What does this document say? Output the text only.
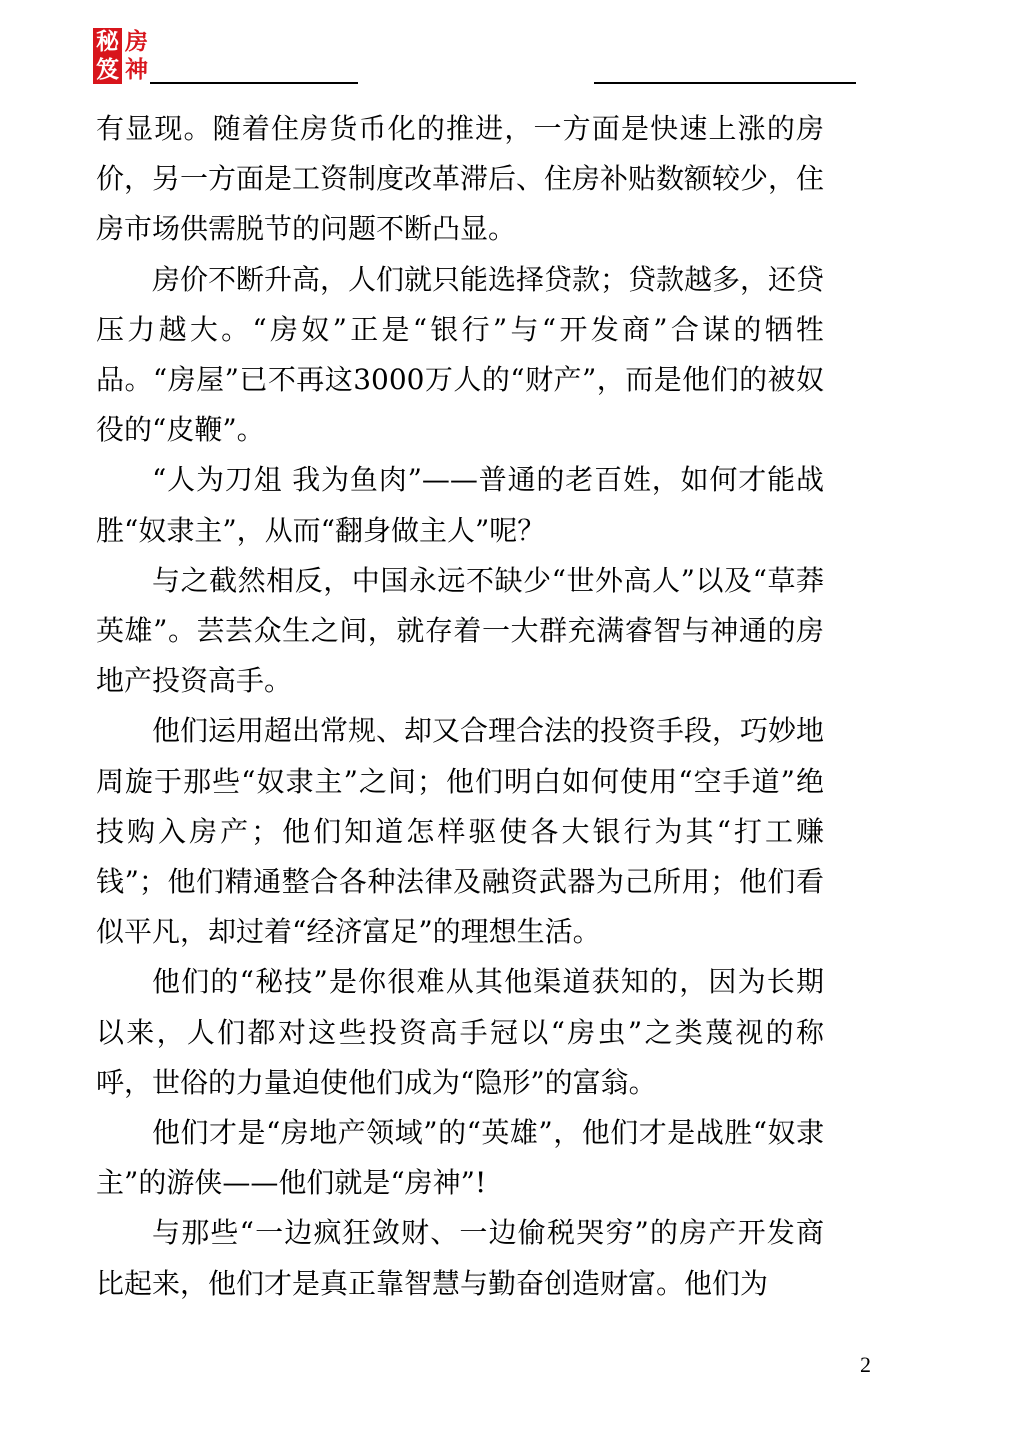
秘 房
笈 神

有显现。随着住房货币化的推进，一方面是快速上涨的房价，另一方面是工资制度改革滞后、住房补贴数额较少，住房市场供需脱节的问题不断凸显。

房价不断升高，人们就只能选择贷款；贷款越多，还贷压力越大。“房奴”正是“银行”与“开发商”合谋的牺牲品。“房屋”已不再这3000万人的“财产”，而是他们的被奴役的“皮鞭”。

“人为刀俎 我为鱼肉”——普通的老百姓，如何才能战胜“奴隶主”，从而“翻身做主人”呢？

与之截然相反，中国永远不缺少“世外高人”以及“草莽英雄”。芸芸众生之间，就存着一大群充满睿智与神通的房地产投资高手。

他们运用超出常规、却又合理合法的投资手段，巧妙地周旋于那些“奴隶主”之间；他们明白如何使用“空手道”绝技购入房产；他们知道怎样驱使各大银行为其“打工赚钱”；他们精通整合各种法律及融资武器为己所用；他们看似平凡，却过着“经济富足”的理想生活。

他们的“秘技”是你很难从其他渠道获知的，因为长期以来，人们都对这些投资高手冠以“房虫”之类蔑视的称呼，世俗的力量迫使他们成为“隐形”的富翁。

他们才是“房地产领域”的“英雄”，他们才是战胜“奴隶主”的游侠——他们就是“房神”!

与那些“一边疯狂敛财、一边偷税哭穷”的房产开发商比起来，他们才是真正靠智慧与勤奋创造财富。他们为

2
